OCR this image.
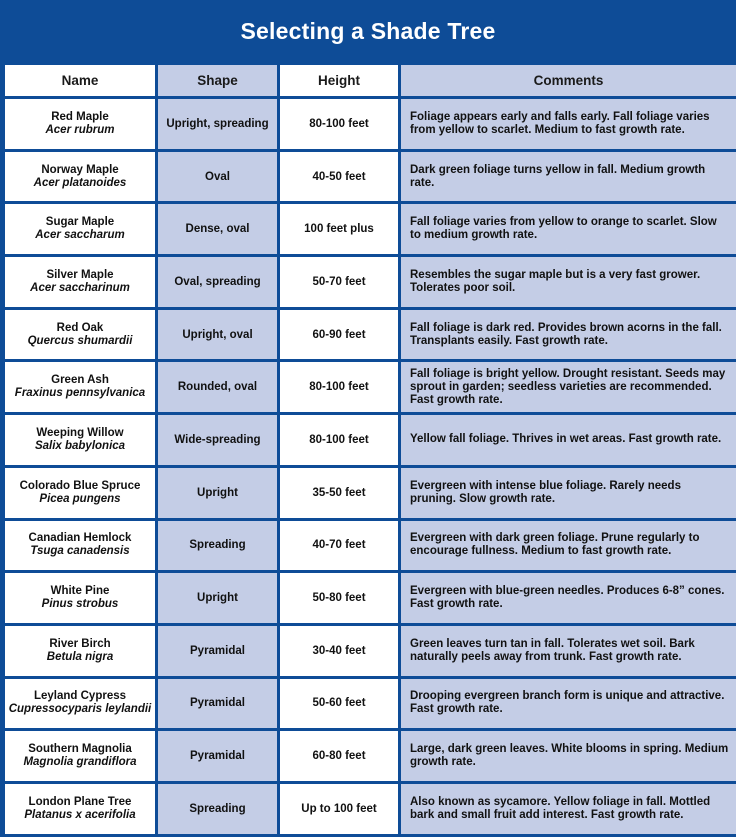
Selecting a Shade Tree
Name	Shape	Height	Comments

Red Maple
Acer rubrum	Upright, spreading	80-100 feet	Foliage appears early and falls early. Fall foliage varies from yellow to scarlet. Medium to fast growth rate.

Norway Maple
Acer platanoides	Oval	40-50 feet	Dark green foliage turns yellow in fall. Medium growth rate.

Sugar Maple
Acer saccharum	Dense, oval	100 feet plus	Fall foliage varies from yellow to orange to scarlet. Slow to medium growth rate.

Silver Maple
Acer saccharinum	Oval, spreading	50-70 feet	Resembles the sugar maple but is a very fast grower. Tolerates poor soil.

Red Oak
Quercus shumardii	Upright, oval	60-90 feet	Fall foliage is dark red. Provides brown acorns in the fall. Transplants easily. Fast growth rate.

Green Ash
Fraxinus pennsylvanica	Rounded, oval	80-100 feet	Fall foliage is bright yellow. Drought resistant. Seeds may sprout in garden; seedless varieties are recommended. Fast growth rate.

Weeping Willow
Salix babylonica	Wide-spreading	80-100 feet	Yellow fall foliage. Thrives in wet areas. Fast growth rate.

Colorado Blue Spruce
Picea pungens	Upright	35-50 feet	Evergreen with intense blue foliage. Rarely needs pruning. Slow growth rate.

Canadian Hemlock
Tsuga canadensis	Spreading	40-70 feet	Evergreen with dark green foliage. Prune regularly to encourage fullness. Medium to fast growth rate.

White Pine
Pinus strobus	Upright	50-80 feet	Evergreen with blue-green needles. Produces 6-8” cones. Fast growth rate.

River Birch
Betula nigra	Pyramidal	30-40 feet	Green leaves turn tan in fall. Tolerates wet soil. Bark naturally peels away from trunk. Fast growth rate.

Leyland Cypress
Cupressocyparis leylandii	Pyramidal	50-60 feet	Drooping evergreen branch form is unique and attractive. Fast growth rate.

Southern Magnolia
Magnolia grandiflora	Pyramidal	60-80 feet	Large, dark green leaves. White blooms in spring. Medium growth rate.

London Plane Tree
Platanus x acerifolia	Spreading	Up to 100 feet	Also known as sycamore. Yellow foliage in fall. Mottled bark and small fruit add interest. Fast growth rate.
